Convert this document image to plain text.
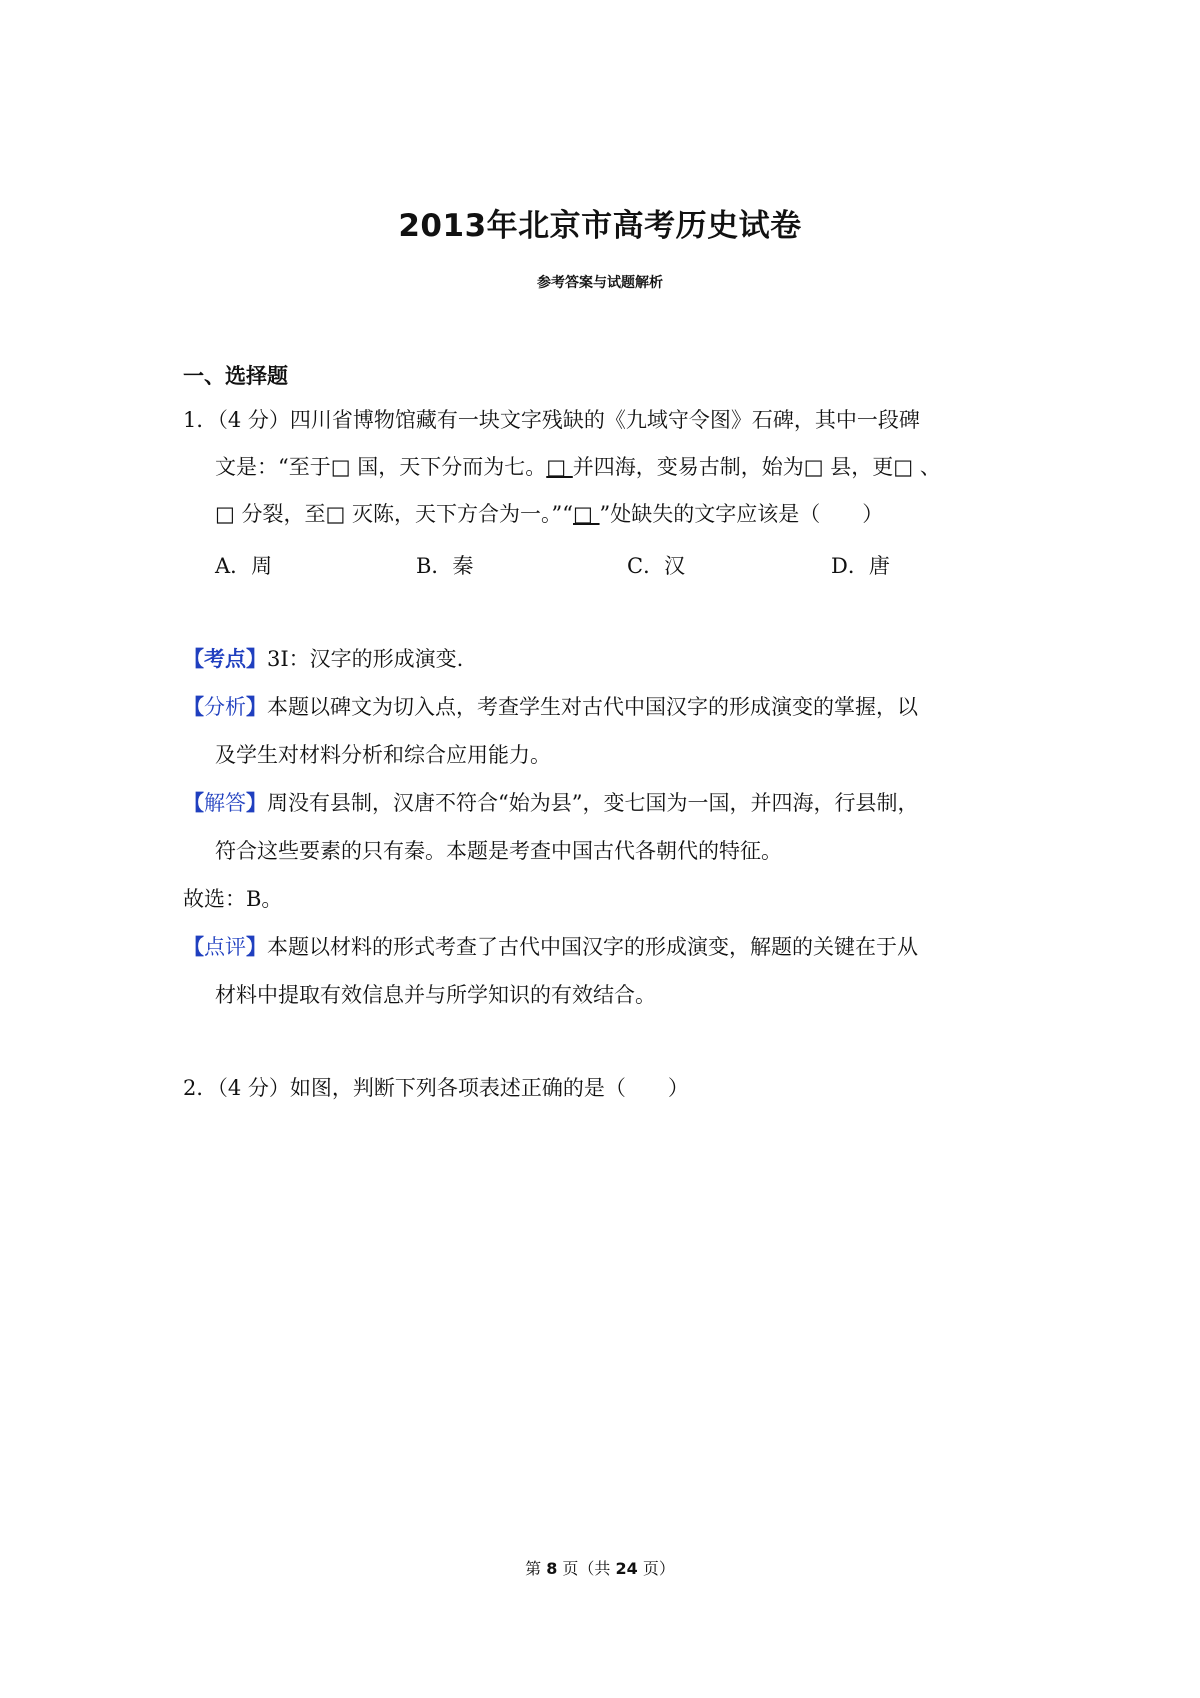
2013年北京市高考历史试卷
参考答案与试题解析
一、选择题
1．（4 分）四川省博物馆藏有一块文字残缺的《九域守令图》石碑，其中一段碑
文是：“至于□ 国，天下分而为七。□ 并四海，变易古制，始为□ 县，更□ 、
□ 分裂，至□ 灭陈，天下方合为一。”“□ ”处缺失的文字应该是（　　）
A．周	B．秦	C．汉	D．唐
【考点】3I：汉字的形成演变.
【分析】本题以碑文为切入点，考查学生对古代中国汉字的形成演变的掌握，以
及学生对材料分析和综合应用能力。
【解答】周没有县制，汉唐不符合“始为县”，变七国为一国，并四海，行县制，
符合这些要素的只有秦。本题是考查中国古代各朝代的特征。
故选：B。
【点评】本题以材料的形式考查了古代中国汉字的形成演变，解题的关键在于从
材料中提取有效信息并与所学知识的有效结合。
2．（4 分）如图，判断下列各项表述正确的是（　　）
第 8 页（共 24 页）
